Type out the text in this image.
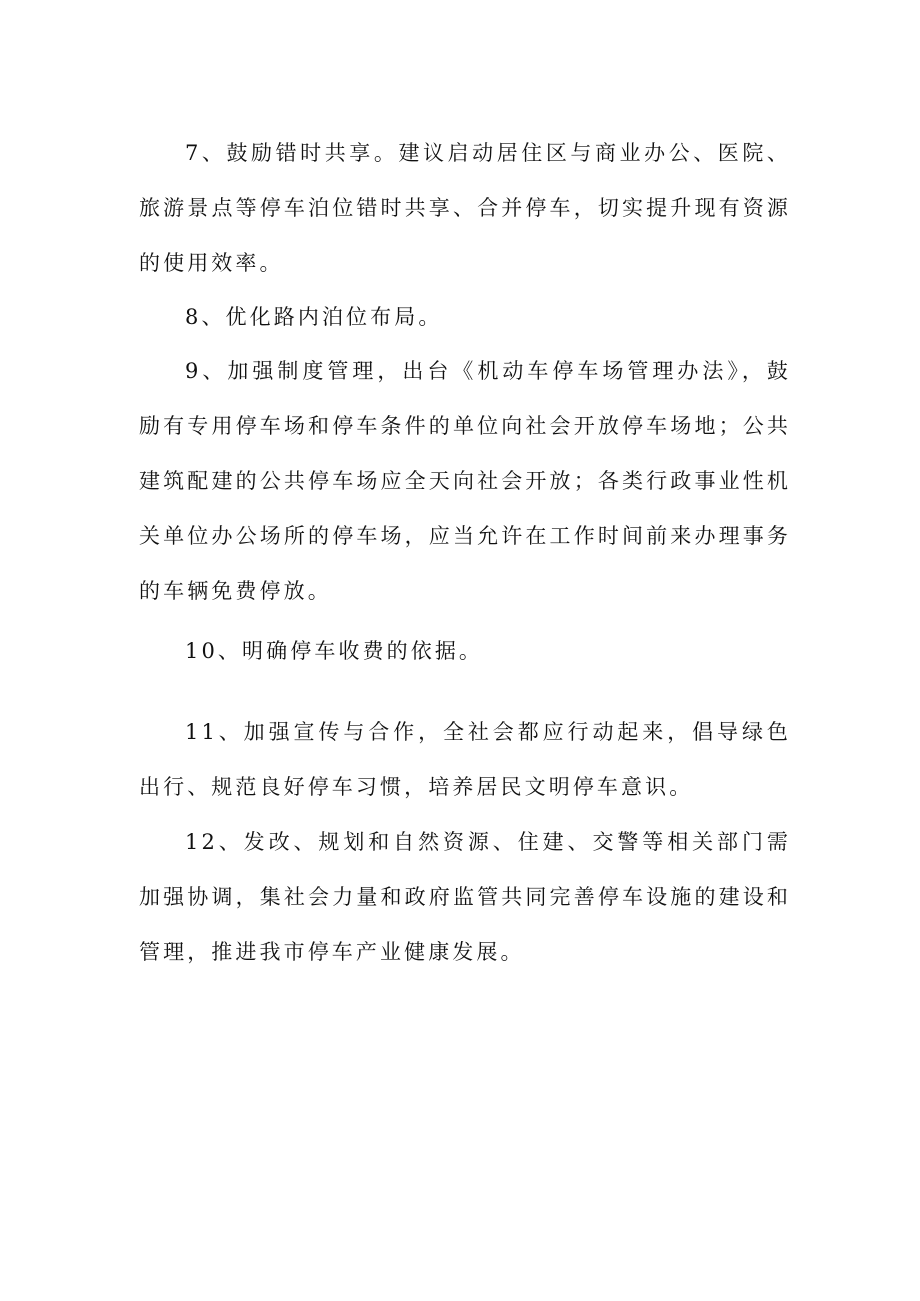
7、鼓励错时共享。建议启动居住区与商业办公、医院、旅游景点等停车泊位错时共享、合并停车，切实提升现有资源的使用效率。
8、优化路内泊位布局。
9、加强制度管理，出台《机动车停车场管理办法》，鼓励有专用停车场和停车条件的单位向社会开放停车场地；公共建筑配建的公共停车场应全天向社会开放；各类行政事业性机关单位办公场所的停车场，应当允许在工作时间前来办理事务的车辆免费停放。
10、明确停车收费的依据。
11、加强宣传与合作，全社会都应行动起来，倡导绿色出行、规范良好停车习惯，培养居民文明停车意识。
12、发改、规划和自然资源、住建、交警等相关部门需加强协调，集社会力量和政府监管共同完善停车设施的建设和管理，推进我市停车产业健康发展。
